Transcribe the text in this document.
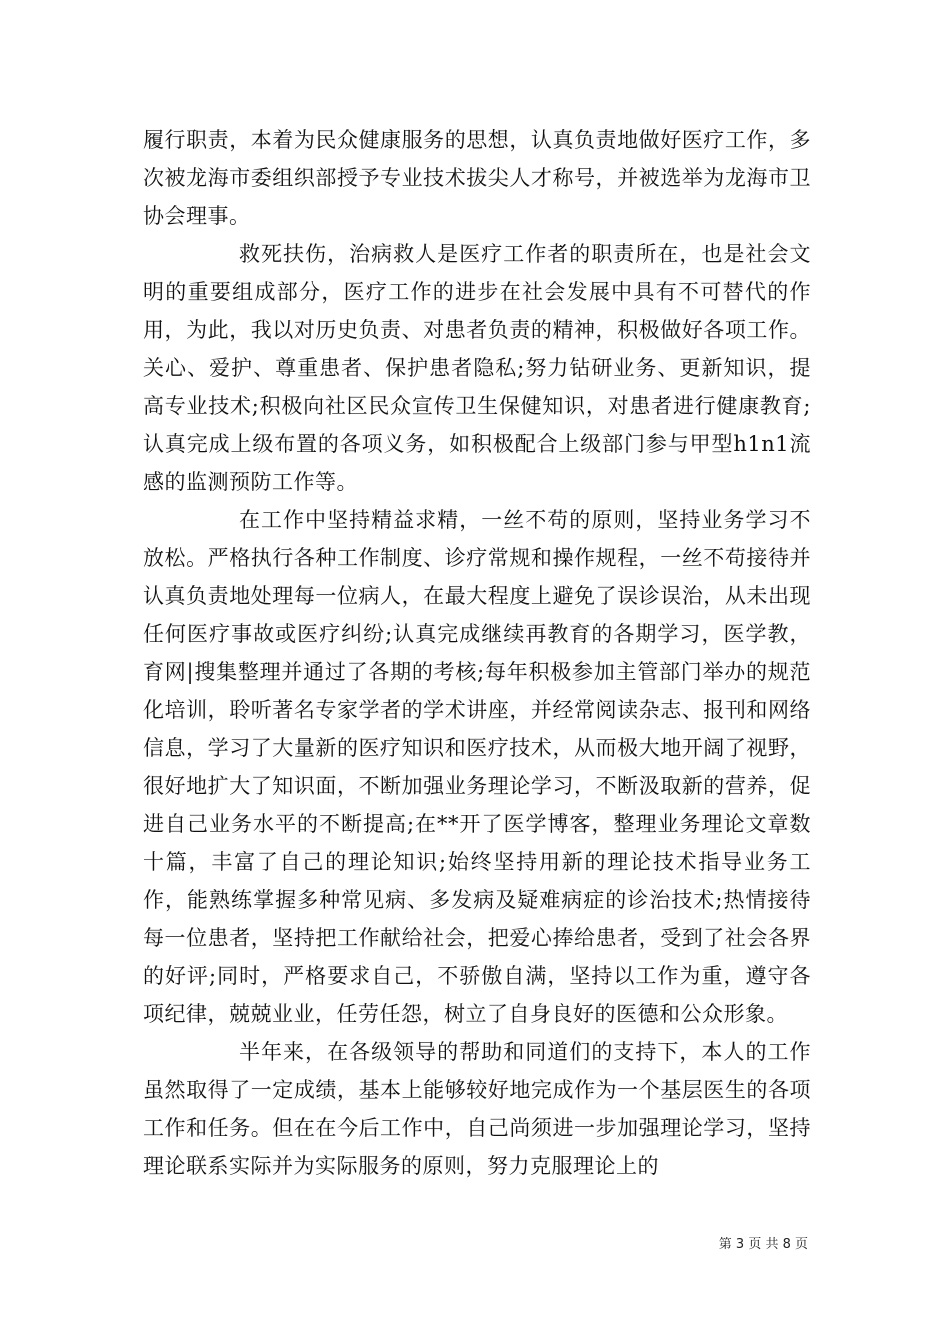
履行职责，本着为民众健康服务的思想，认真负责地做好医疗工作，多次被龙海市委组织部授予专业技术拔尖人才称号，并被选举为龙海市卫协会理事。

救死扶伤，治病救人是医疗工作者的职责所在，也是社会文明的重要组成部分，医疗工作的进步在社会发展中具有不可替代的作用，为此，我以对历史负责、对患者负责的精神，积极做好各项工作。关心、爱护、尊重患者、保护患者隐私;努力钻研业务、更新知识，提高专业技术;积极向社区民众宣传卫生保健知识，对患者进行健康教育;认真完成上级布置的各项义务，如积极配合上级部门参与甲型h1n1流感的监测预防工作等。

在工作中坚持精益求精，一丝不苟的原则，坚持业务学习不放松。严格执行各种工作制度、诊疗常规和操作规程，一丝不苟接待并认真负责地处理每一位病人，在最大程度上避免了误诊误治，从未出现任何医疗事故或医疗纠纷;认真完成继续再教育的各期学习，医学教，育网|搜集整理并通过了各期的考核;每年积极参加主管部门举办的规范化培训，聆听著名专家学者的学术讲座，并经常阅读杂志、报刊和网络信息，学习了大量新的医疗知识和医疗技术，从而极大地开阔了视野，很好地扩大了知识面，不断加强业务理论学习，不断汲取新的营养，促进自己业务水平的不断提高;在**开了医学博客，整理业务理论文章数十篇，丰富了自己的理论知识;始终坚持用新的理论技术指导业务工作，能熟练掌握多种常见病、多发病及疑难病症的诊治技术;热情接待每一位患者，坚持把工作献给社会，把爱心捧给患者，受到了社会各界的好评;同时，严格要求自己，不骄傲自满，坚持以工作为重，遵守各项纪律，兢兢业业，任劳任怨，树立了自身良好的医德和公众形象。

半年来，在各级领导的帮助和同道们的支持下，本人的工作虽然取得了一定成绩，基本上能够较好地完成作为一个基层医生的各项工作和任务。但在在今后工作中，自己尚须进一步加强理论学习，坚持理论联系实际并为实际服务的原则，努力克服理论上的

第 3 页 共 8 页
